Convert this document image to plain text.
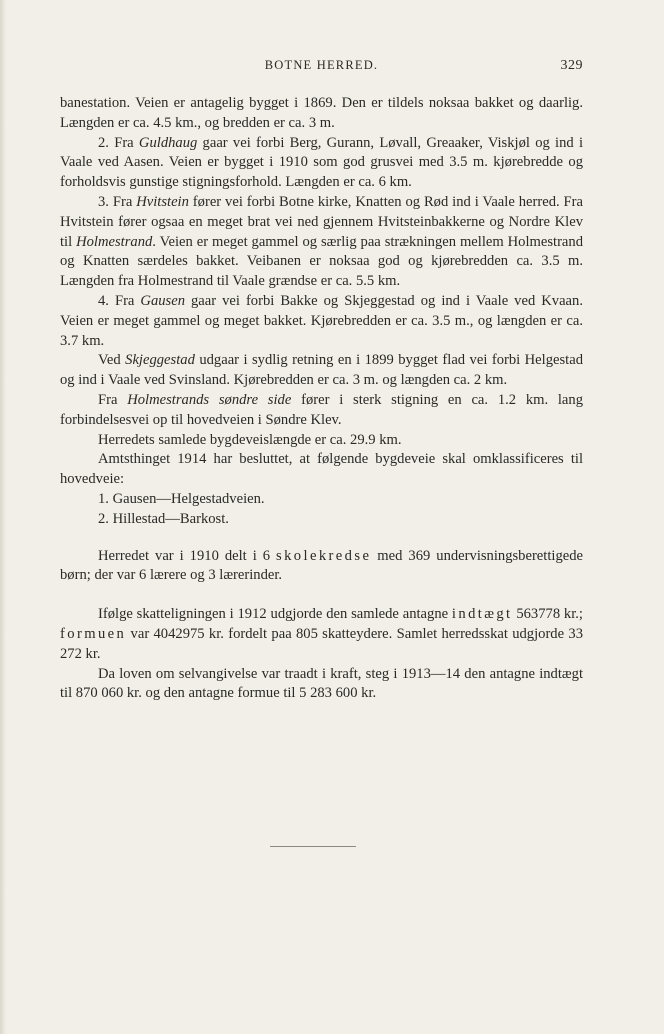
BOTNE HERRED.	329

banestation. Veien er antagelig bygget i 1869. Den er tildels noksaa bakket og daarlig. Længden er ca. 4.5 km., og bredden er ca. 3 m.

2. Fra Guldhaug gaar vei forbi Berg, Gurann, Løvall, Greaaker, Viskjøl og ind i Vaale ved Aasen. Veien er bygget i 1910 som god grusvei med 3.5 m. kjørebredde og forholdsvis gunstige stigningsforhold. Længden er ca. 6 km.

3. Fra Hvitstein fører vei forbi Botne kirke, Knatten og Rød ind i Vaale herred. Fra Hvitstein fører ogsaa en meget brat vei ned gjennem Hvitsteinbakkerne og Nordre Klev til Holmestrand. Veien er meget gammel og særlig paa strækningen mellem Holmestrand og Knatten særdeles bakket. Veibanen er noksaa god og kjørebredden ca. 3.5 m. Længden fra Holmestrand til Vaale grændse er ca. 5.5 km.

4. Fra Gausen gaar vei forbi Bakke og Skjeggestad og ind i Vaale ved Kvaan. Veien er meget gammel og meget bakket. Kjørebredden er ca. 3.5 m., og længden er ca. 3.7 km.

Ved Skjeggestad udgaar i sydlig retning en i 1899 bygget flad vei forbi Helgestad og ind i Vaale ved Svinsland. Kjørebredden er ca. 3 m. og længden ca. 2 km.

Fra Holmestrands søndre side fører i sterk stigning en ca. 1.2 km. lang forbindelsesvei op til hovedveien i Søndre Klev.

Herredets samlede bygdeveislængde er ca. 29.9 km.

Amtsthinget 1914 har besluttet, at følgende bygdeveie skal omklassificeres til hovedveie:

1. Gausen—Helgestadveien.

2. Hillestad—Barkost.

Herredet var i 1910 delt i 6 skolekredse med 369 undervisningsberettigede børn; der var 6 lærere og 3 lærerinder.

Ifølge skatteligningen i 1912 udgjorde den samlede antagne indtægt 563778 kr.; formuen var 4042975 kr. fordelt paa 805 skatteydere. Samlet herredsskat udgjorde 33 272 kr.

Da loven om selvangivelse var traadt i kraft, steg i 1913—14 den antagne indtægt til 870 060 kr. og den antagne formue til 5 283 600 kr.
